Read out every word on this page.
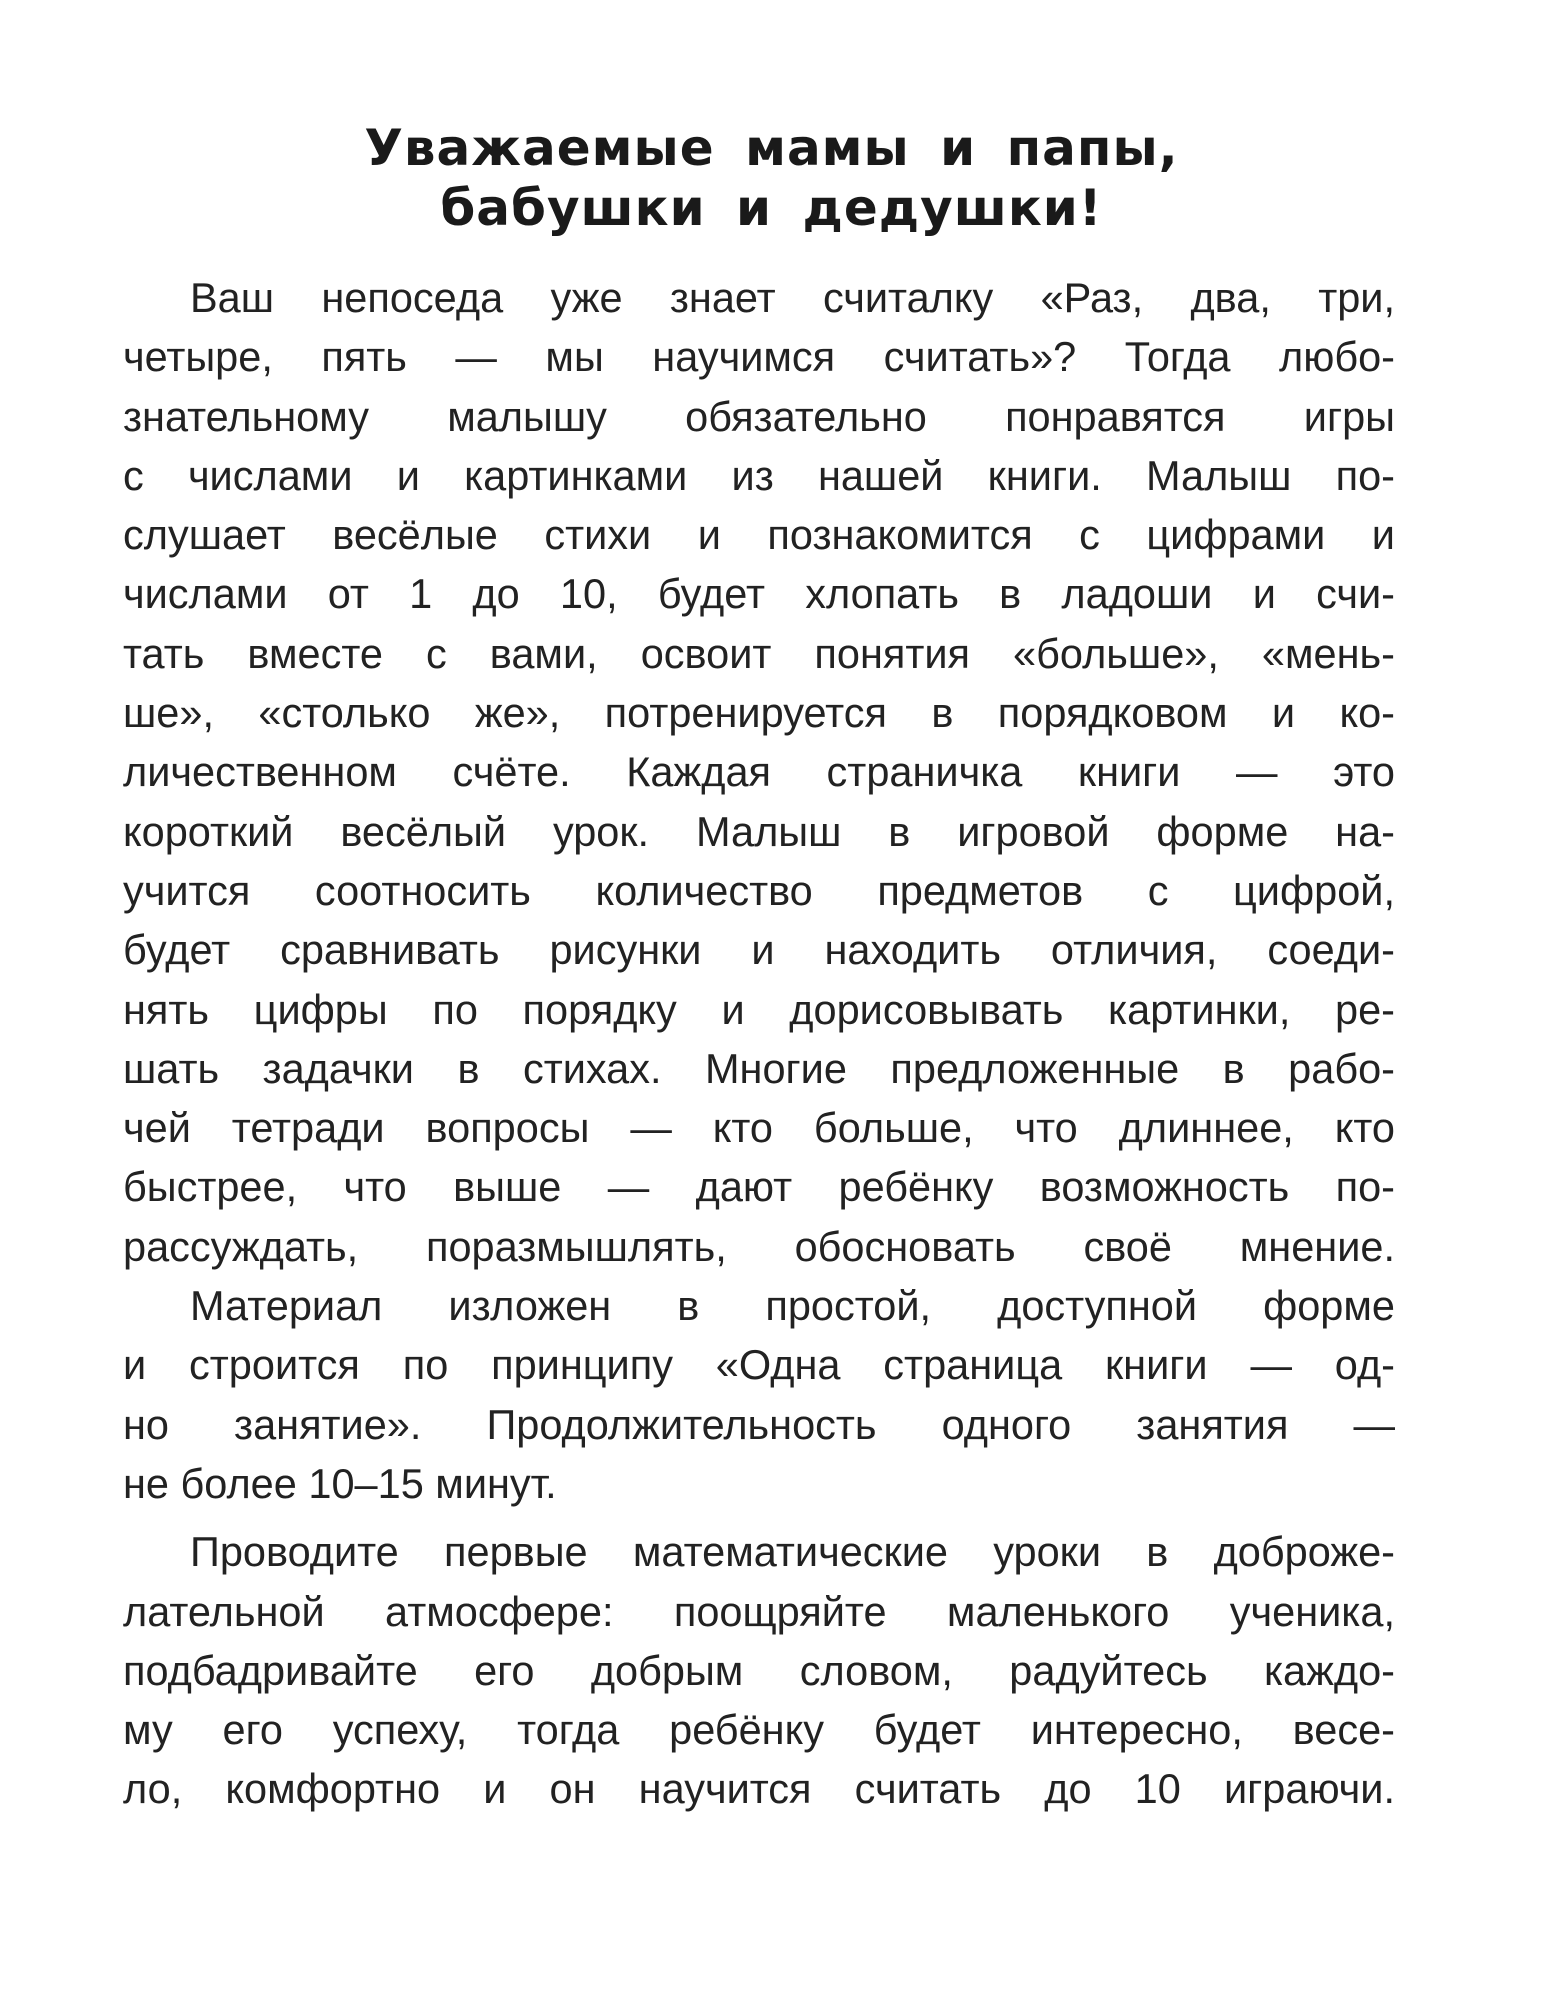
Уважаемые мамы и папы,
бабушки и дедушки!
Ваш непоседа уже знает считалку «Раз, два, три,
четыре, пять — мы научимся считать»? Тогда любо-
знательному малышу обязательно понравятся игры
с числами и картинками из нашей книги. Малыш по-
слушает весёлые стихи и познакомится с цифрами и
числами от 1 до 10, будет хлопать в ладоши и счи-
тать вместе с вами, освоит понятия «больше», «мень-
ше», «столько же», потренируется в порядковом и ко-
личественном счёте. Каждая страничка книги — это
короткий весёлый урок. Малыш в игровой форме на-
учится соотносить количество предметов с цифрой,
будет сравнивать рисунки и находить отличия, соеди-
нять цифры по порядку и дорисовывать картинки, ре-
шать задачки в стихах. Многие предложенные в рабо-
чей тетради вопросы — кто больше, что длиннее, кто
быстрее, что выше — дают ребёнку возможность по-
рассуждать, поразмышлять, обосновать своё мнение.
Материал изложен в простой, доступной форме
и строится по принципу «Одна страница книги — од-
но занятие». Продолжительность одного занятия —
не более 10–15 минут.
Проводите первые математические уроки в доброже-
лательной атмосфере: поощряйте маленького ученика,
подбадривайте его добрым словом, радуйтесь каждо-
му его успеху, тогда ребёнку будет интересно, весе-
ло, комфортно и он научится считать до 10 играючи.
